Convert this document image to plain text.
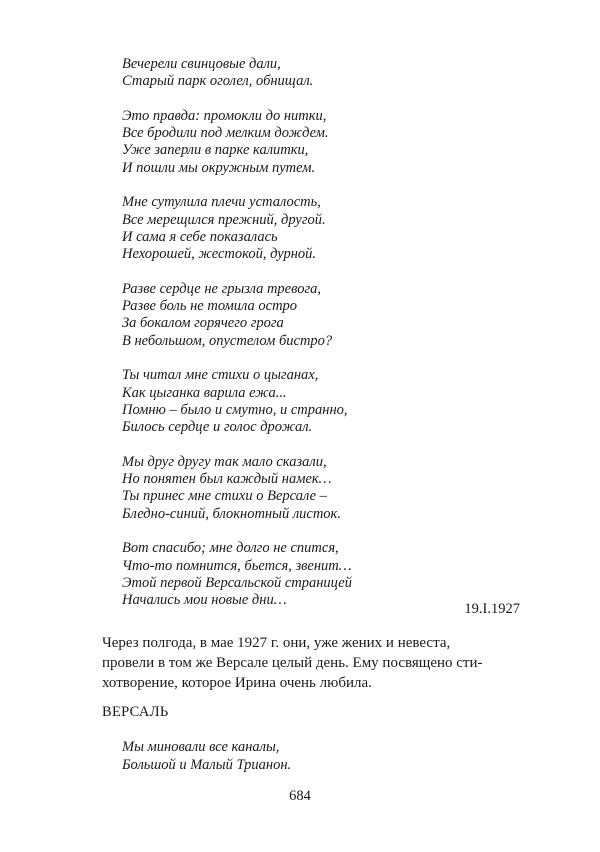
Вечерели свинцовые дали,
Старый парк оголел, обнищал.
Это правда: промокли до нитки,
Все бродили под мелким дождем.
Уже заперли в парке калитки,
И пошли мы окружным путем.
Мне сутулила плечи усталость,
Все мерещился прежний, другой.
И сама я себе показалась
Нехорошей, жестокой, дурной.
Разве сердце не грызла тревога,
Разве боль не томила остро
За бокалом горячего грога
В небольшом, опустелом бистро?
Ты читал мне стихи о цыганах,
Как цыганка варила ежа...
Помню – было и смутно, и странно,
Билось сердце и голос дрожал.
Мы друг другу так мало сказали,
Но понятен был каждый намек…
Ты принес мне стихи о Версале –
Бледно-синий, блокнотный листок.
Вот спасибо; мне долго не спится,
Что-то помнится, бьется, звенит…
Этой первой Версальской страницей
Начались мои новые дни…
19.I.1927
Через полгода, в мае 1927 г. они, уже жених и невеста,
провели в том же Версале целый день. Ему посвящено сти-
хотворение, которое Ирина очень любила.
ВЕРСАЛЬ
Мы миновали все каналы,
Большой и Малый Трианон.
684
